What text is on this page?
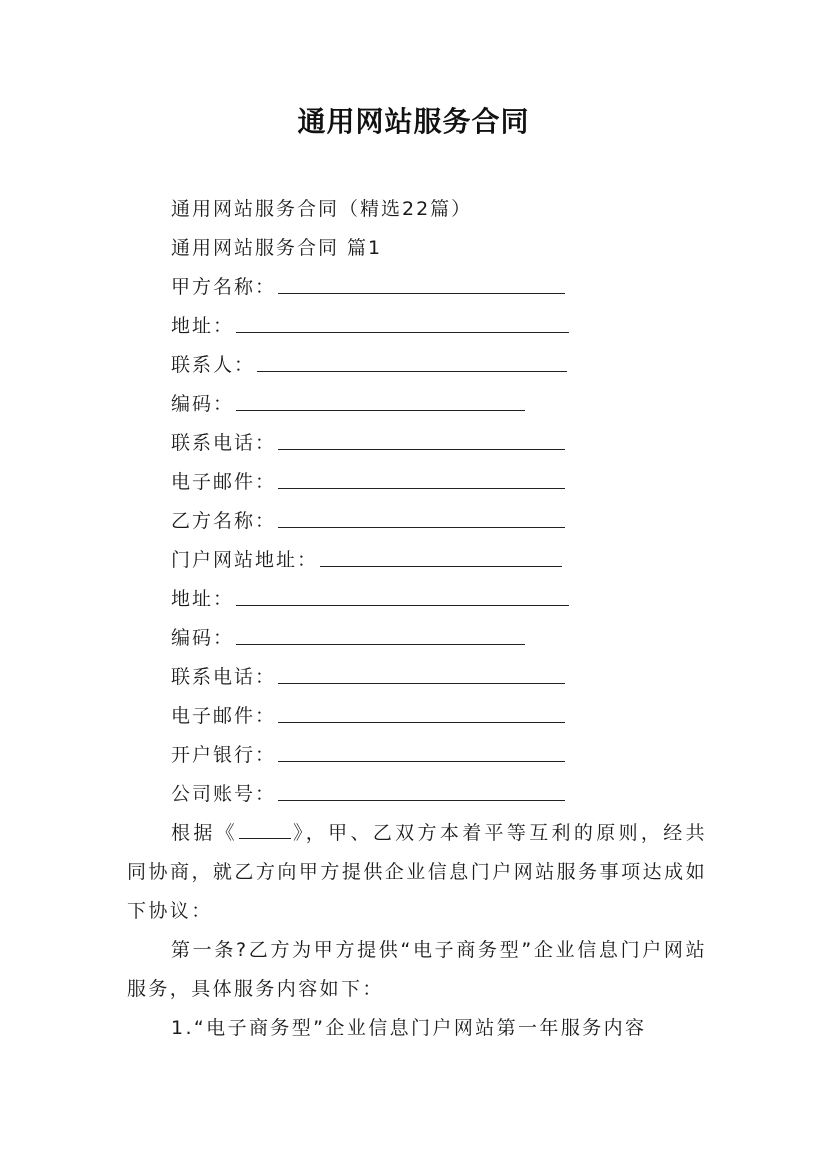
通用网站服务合同
通用网站服务合同（精选22篇）
通用网站服务合同 篇1
甲方名称：
地址：
联系人：
编码：
联系电话：
电子邮件：
乙方名称：
门户网站地址：
地址：
编码：
联系电话：
电子邮件：
开户银行：
公司账号：

根据《	》，甲、乙双方本着平等互利的原则，经共同协商，就乙方向甲方提供企业信息门户网站服务事项达成如下协议：

第一条?乙方为甲方提供“电子商务型”企业信息门户网站服务，具体服务内容如下：

1.“电子商务型”企业信息门户网站第一年服务内容
